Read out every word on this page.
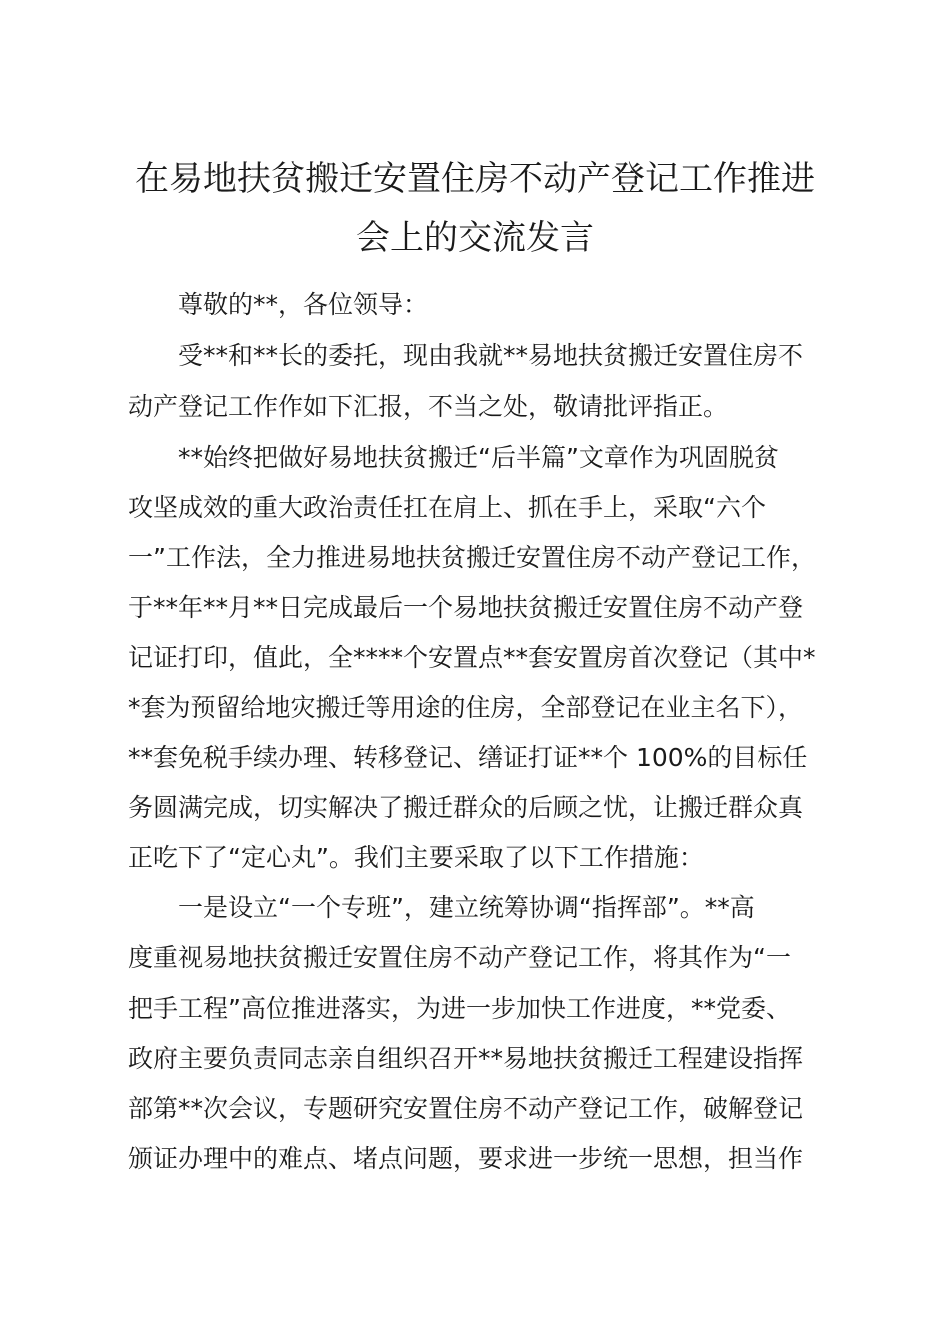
在易地扶贫搬迁安置住房不动产登记工作推进
会上的交流发言
尊敬的**，各位领导：
受**和**长的委托，现由我就**易地扶贫搬迁安置住房不
动产登记工作作如下汇报，不当之处，敬请批评指正。
**始终把做好易地扶贫搬迁“后半篇”文章作为巩固脱贫
攻坚成效的重大政治责任扛在肩上、抓在手上，采取“六个
一”工作法，全力推进易地扶贫搬迁安置住房不动产登记工作，
于**年**月**日完成最后一个易地扶贫搬迁安置住房不动产登
记证打印，值此，全****个安置点**套安置房首次登记（其中*
*套为预留给地灾搬迁等用途的住房，全部登记在业主名下），
**套免税手续办理、转移登记、缮证打证**个 100%的目标任
务圆满完成，切实解决了搬迁群众的后顾之忧，让搬迁群众真
正吃下了“定心丸”。我们主要采取了以下工作措施：
一是设立“一个专班”，建立统筹协调“指挥部”。**高
度重视易地扶贫搬迁安置住房不动产登记工作，将其作为“一
把手工程”高位推进落实，为进一步加快工作进度，**党委、
政府主要负责同志亲自组织召开**易地扶贫搬迁工程建设指挥
部第**次会议，专题研究安置住房不动产登记工作，破解登记
颁证办理中的难点、堵点问题，要求进一步统一思想，担当作
